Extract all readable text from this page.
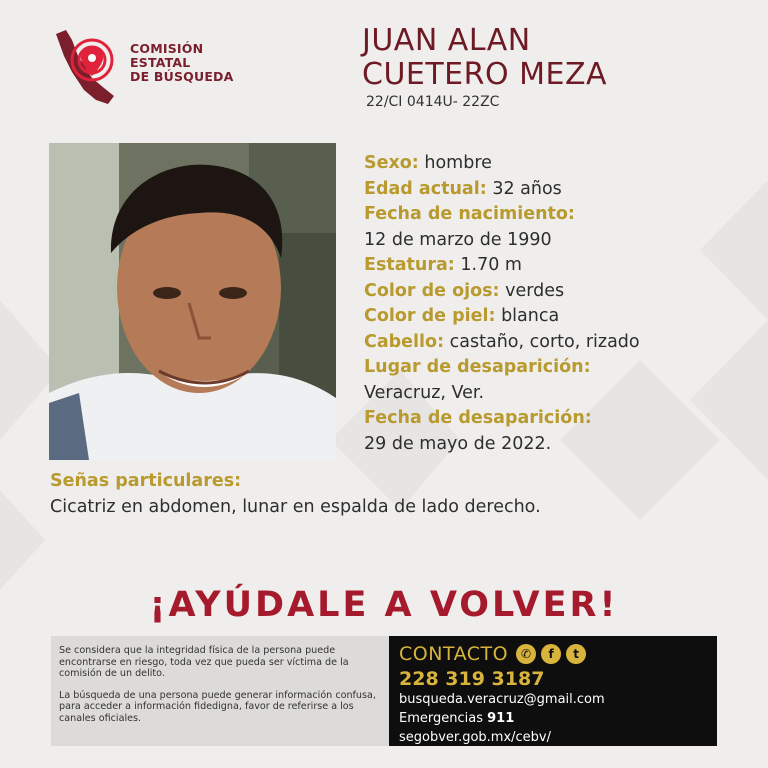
COMISIÓN ESTATAL
DE BÚSQUEDA
JUAN ALAN
CUETERO MEZA
22/CI 0414U- 22ZC
Sexo: hombre
Edad actual: 32 años
Fecha de nacimiento:
12 de marzo de 1990
Estatura: 1.70 m
Color de ojos: verdes
Color de piel: blanca
Cabello: castaño, corto, rizado
Lugar de desaparición:
Veracruz, Ver.
Fecha de desaparición:
29 de mayo de 2022.
Señas particulares:
Cicatriz en abdomen, lunar en espalda de lado derecho.
¡AYÚDALE A VOLVER!

Se considera que la integridad física de la persona puede encontrarse en riesgo, toda vez que pueda ser víctima de la comisión de un delito.

La búsqueda de una persona puede generar información confusa, para acceder a información fidedigna, favor de referirse a los canales oficiales.

CONTACTO	✆	f	t
228 319 3187
busqueda.veracruz@gmail.com
Emergencias 911
segobver.gob.mx/cebv/
